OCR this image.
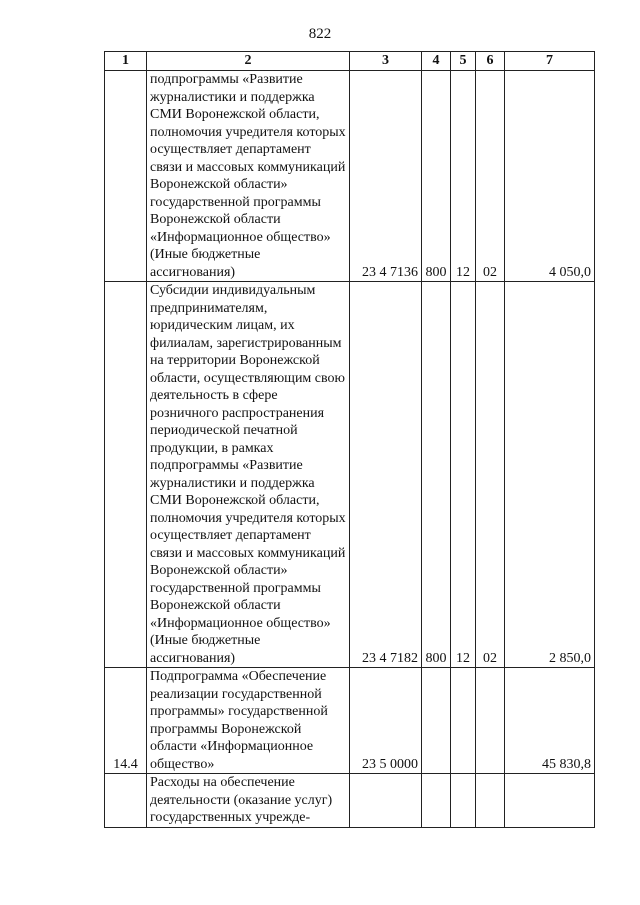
822
1	2	3	4	5	6	7
	подпрограммы «Развитие журналистики и поддержка СМИ Воронежской области, полномочия учредителя которых осуществляет департамент связи и массовых коммуникаций Воронежской области» государственной программы Воронежской области «Информационное общество» (Иные бюджетные ассигнования)	23 4 7136	800	12	02	4 050,0
	Субсидии индивидуальным предпринимателям, юридическим лицам, их филиалам, зарегистрированным на территории Воронежской области, осуществляющим свою деятельность в сфере розничного распространения периодической печатной продукции, в рамках подпрограммы «Развитие журналистики и поддержка СМИ Воронежской области, полномочия учредителя которых осуществляет департамент связи и массовых коммуникаций Воронежской области» государственной программы Воронежской области «Информационное общество» (Иные бюджетные ассигнования)	23 4 7182	800	12	02	2 850,0
14.4	Подпрограмма «Обеспечение реализации государственной программы» государственной программы Воронежской области «Информационное общество»	23 5 0000				45 830,8
	Расходы на обеспечение деятельности (оказание услуг) государственных учрежде-					
